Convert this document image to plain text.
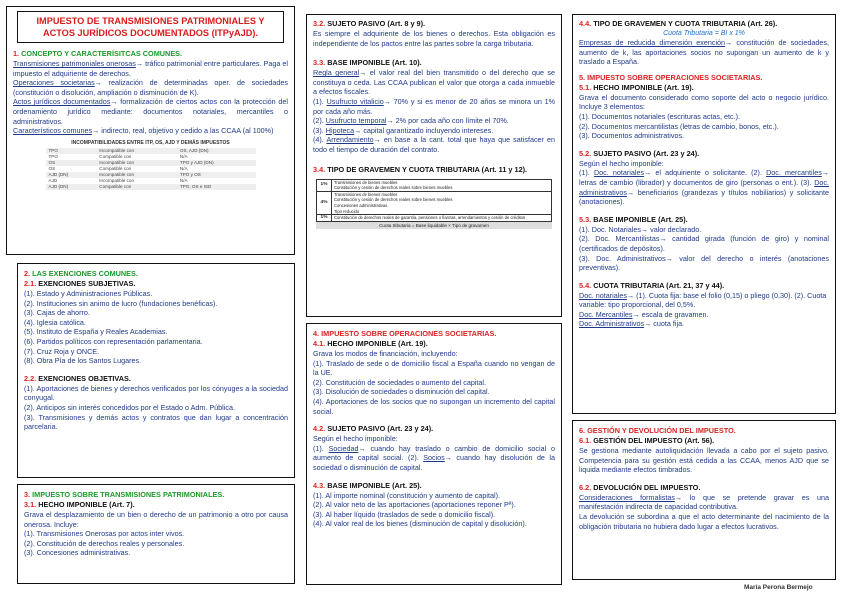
IMPUESTO DE TRANSMISIONES PATRIMONIALES Y ACTOS JURÍDICOS DOCUMENTADOS (ITPyAJD).

1. CONCEPTO Y CARACTERÍSITCAS COMUNES.

Transmisiones patrimoniales onerosas→ tráfico patrimonial entre particulares. Paga el impuesto el adquiriente de derechos.

Operaciones societarias→ realización de determinadas oper. de sociedades (constitución o disolución, ampliación o disminución de K).

Actos jurídicos documentados→ formalización de ciertos actos con la protección del ordenamiento jurídico mediante: documentos notariales, mercantiles o administrativos.

Característicos comunes→ indirecto, real, objetivo y cedido a las CCAA (al 100%)

INCOMPATIBILIDADES ENTRE ITP, OS, AJD Y DEMÁS IMPUESTOS
TPO	Incompatible con	OS, AJD (DN)
TPO	Compatible con	N/A
OS	Incompatible con	TPO y AJD (DN)
OS	Compatible con	N/A
AJD (DN)	Incompatible con	TPO y OS
AJD	Incompatible con	N/A
AJD (DN)	Compatible con	TPO, OS e ISD

2. LAS EXENCIONES COMUNES.

2.1. EXENCIONES SUBJETIVAS.

(1). Estado y Administraciones Públicas.

(2). Instituciones sin animo de lucro (fundaciones benéficas).

(3). Cajas de ahorro.

(4). Iglesia católica.

(5). Instituto de España y Reales Academias.

(6). Partidos políticos con representación parlamentaria.

(7). Cruz Roja y ONCE.

(8). Obra Pía de los Santos Lugares.

2.2. EXENCIONES OBJETIVAS.

(1). Aportaciones de bienes y derechos verificados por los cónyuges a la sociedad conyugal.

(2). Anticipos sin interés concedidos por el Estado o Adm. Pública.

(3). Transmisiones y demás actos y contratos que dan lugar a concentración parcelaria.

3. IMPUESTO SOBRE TRANSMISIONES PATRIMONIALES.

3.1. HECHO IMPONIBLE (Art. 7).

Grava el desplazamiento de un bien o derecho de un patrimonio a otro por causa onerosa. Incluye:

(1). Transmisiones Onerosas por actos inter vivos.

(2). Constitución de derechos reales y personales.

(3). Concesiones administrativas.

3.2. SUJETO PASIVO (Art. 8 y 9).

Es siempre el adquiriente de los bienes o derechos. Esta obligación es independiente de los pactos entre las partes sobre la carga tributaria.

3.3. BASE IMPONIBLE (Art. 10).

Regla general→ el valor real del bien transmitido o del derecho que se constituya o ceda. Las CCAA publican el valor que otorga a cada inmueble a efectos fiscales.

(1). Usufructo vitalicio→ 70% y si es menor de 20 años se minora un 1% por cada año más.

(2). Usufructo temporal→ 2% por cada año con límite el 70%.

(3). Hipoteca→ capital garantizado incluyendo intereses.

(4). Arrendamiento→ en base a la cant. total que haya que satisfacer en todo el tiempo de duración del contrato.

3.4. TIPO DE GRAVEMEN Y CUOTA TRIBUTARIA (Art. 11 y 12).

1%	Transmisiones de bienes muebles
Constitución y cesión de derechos reales sobre bienes muebles

4%	Transmisiones de bienes muebles
Constitución y cesión de derechos reales sobre bienes muebles
Concesiones administrativas
Tipo reducido

1%	Constitución de derechos reales de garantía, pensiones o fianzas, arrendamientos y cesión de créditos
Cuota tributaria = Base liquidable × Tipo de gravamen

4. IMPUESTO SOBRE OPERACIONES SOCIETARIAS.

4.1. HECHO IMPONIBLE (Art. 19).

Grava los modos de financiación, incluyendo:

(1). Traslado de sede o de domicilio fiscal a España cuando no vengan de la UE.

(2). Constitución de sociedades o aumento del capital.

(3). Disolución de sociedades o disminución del capital.

(4). Aportaciones de los socios que no supongan un incremento del capital social.

4.2. SUJETO PASIVO (Art. 23 y 24).

Según el hecho imponible:

(1). Sociedad→ cuando hay traslado o cambio de domicilio social o aumento de capital social. (2). Socios→ cuando hay disolución de la sociedad o disminución de capital.

4.3. BASE IMPONIBLE (Art. 25).

(1). Al importe nominal (constitución y aumento de capital).

(2). Al valor neto de las aportaciones (aportaciones reponer Pª).

(3). Al haber líquido (traslados de sede o domicilio fiscal).

(4). Al valor real de los bienes (disminución de capital y disolución).

4.4. TIPO DE GRAVEMEN Y CUOTA TRIBUTARIA (Art. 26).

Cuota Tributaria = BI x 1%

Empresas de reducida dimensión exención→ constitución de sociedades, aumento de k, las aportaciones socios no supongan un aumento de k y traslado a España.

5. IMPUESTO SOBRE OPERACIONES SOCIETARIAS.

5.1. HECHO IMPONIBLE (Art. 19).

Grava el documento considerado como soporte del acto o negocio jurídico. Incluye 3 elementos:

(1). Documentos notariales (escrituras actas, etc.).

(2). Documentos mercantilistas (letras de cambio, bonos, etc.).

(3). Documentos administrativos.

5.2. SUJETO PASIVO (Art. 23 y 24).

Según el hecho imponible:

(1). Doc. notariales→ el adquiriente o solicitante. (2). Doc. mercantiles→ letras de cambio (librador) y documentos de giro (personas o ent.). (3). Doc. administrativos→ beneficiarios (grandezas y títulos nobiliarios) y solicitante (anotaciones).

5.3. BASE IMPONIBLE (Art. 25).

(1). Doc. Notariales→ valor declarado.

(2). Doc. Mercantilistas→ cantidad girada (función de giro) y nominal (certificados de depósitos).

(3). Doc. Administrativos→ valor del derecho o interés (anotaciones preventivas).

5.4. CUOTA TRIBUTARIA (Art. 21, 37 y 44).

Doc. notariales→ (1). Cuota fija: base el folio (0,15) o pliego (0,30). (2). Cuota variable: tipo proporcional, del 0,5%.

Doc. Mercantiles→ escala de gravamen.

Doc. Administrativos→ cuota fija.

6. GESTIÓN Y DEVOLUCIÓN DEL IMPUESTO.

6.1. GESTIÓN DEL IMPUESTO (Art. 56).

Se gestiona mediante autoliquidación llevada a cabo por el sujeto pasivo. Competencia para su gestión está cedida a las CCAA, menos AJD que se liquida mediante efectos timbrados.

6.2. DEVOLUCIÓN DEL IMPUESTO.

Consideraciones formalistas→ lo que se pretende gravar es una manifestación indirecta de capacidad contributiva.

La devolución se subordina a que el acto determinante del nacimiento de la obligación tributaria no hubiera dado lugar a efectos lucrativos.

María Perona Bermejo
